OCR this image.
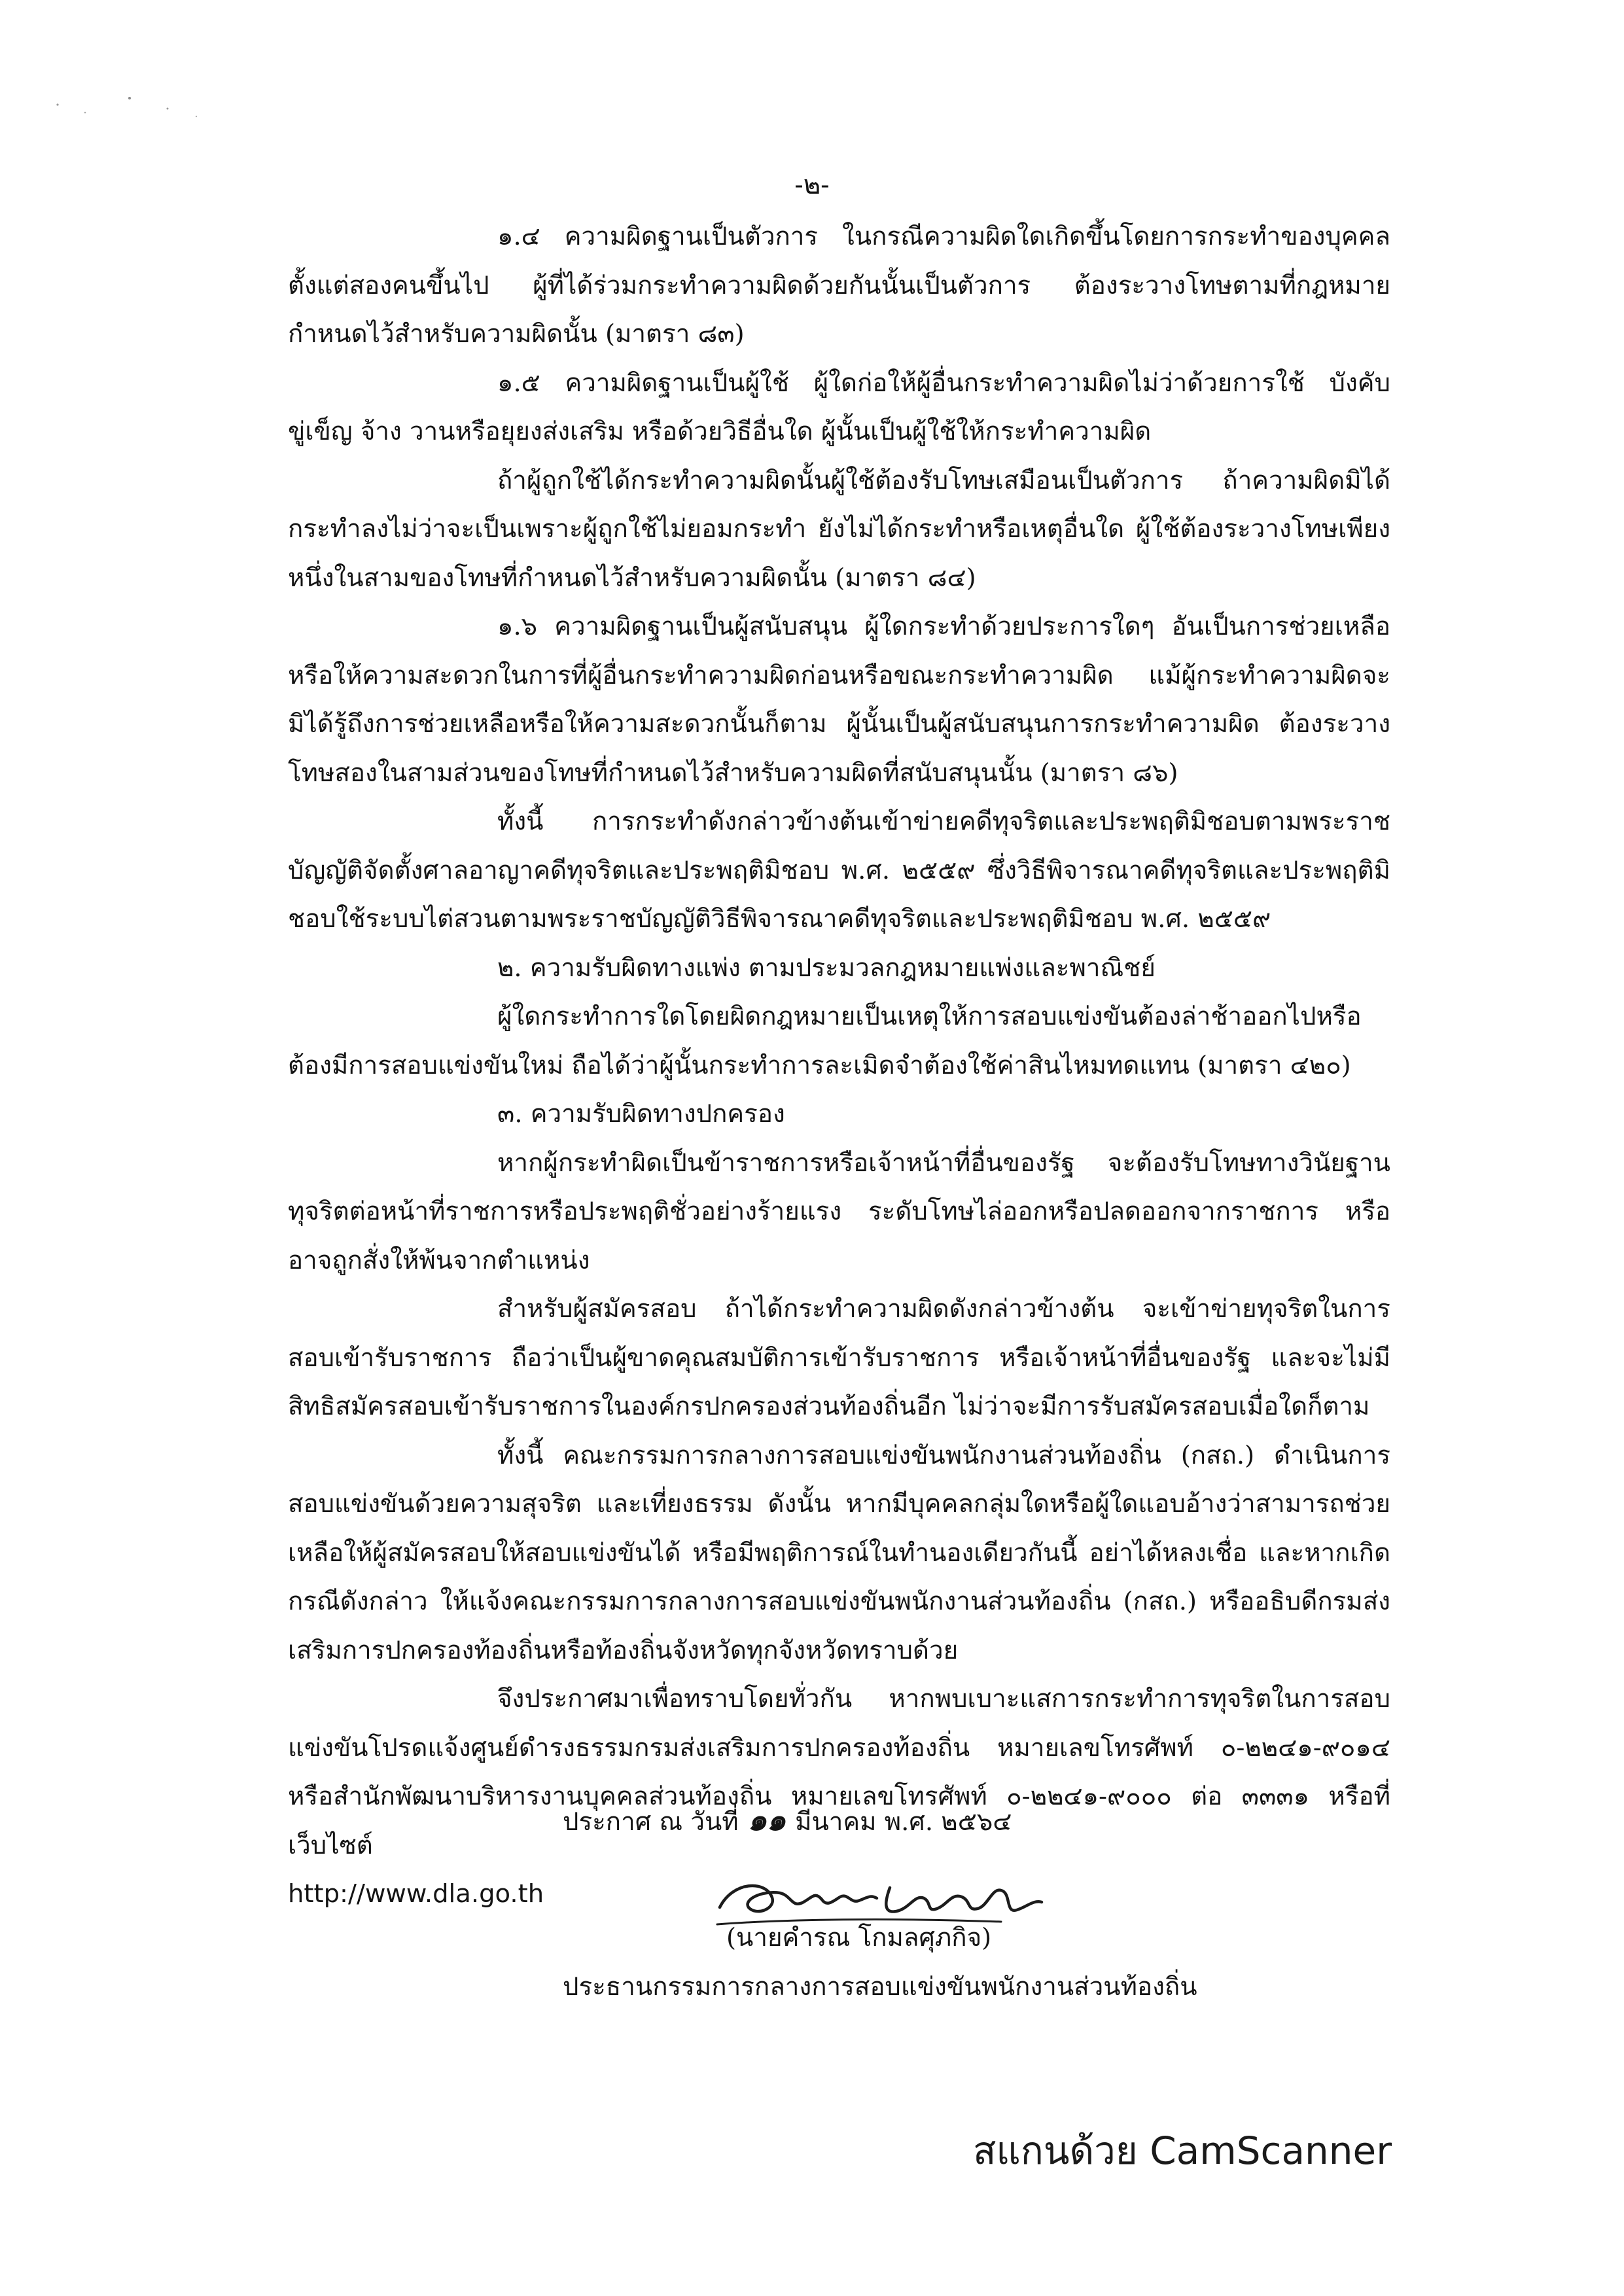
-๒-

๑.๔ ความผิดฐานเป็นตัวการ ในกรณีความผิดใดเกิดขึ้นโดยการกระทำของบุคคลตั้งแต่สองคนขึ้นไป ผู้ที่ได้ร่วมกระทำความผิดด้วยกันนั้นเป็นตัวการ ต้องระวางโทษตามที่กฎหมายกำหนดไว้สำหรับความผิดนั้น (มาตรา ๘๓)

๑.๕ ความผิดฐานเป็นผู้ใช้ ผู้ใดก่อให้ผู้อื่นกระทำความผิดไม่ว่าด้วยการใช้ บังคับ ขู่เข็ญ จ้าง วานหรือยุยงส่งเสริม หรือด้วยวิธีอื่นใด ผู้นั้นเป็นผู้ใช้ให้กระทำความผิด

ถ้าผู้ถูกใช้ได้กระทำความผิดนั้นผู้ใช้ต้องรับโทษเสมือนเป็นตัวการ ถ้าความผิดมิได้กระทำลงไม่ว่าจะเป็นเพราะผู้ถูกใช้ไม่ยอมกระทำ ยังไม่ได้กระทำหรือเหตุอื่นใด ผู้ใช้ต้องระวางโทษเพียงหนึ่งในสามของโทษที่กำหนดไว้สำหรับความผิดนั้น (มาตรา ๘๔)

๑.๖ ความผิดฐานเป็นผู้สนับสนุน ผู้ใดกระทำด้วยประการใดๆ อันเป็นการช่วยเหลือหรือให้ความสะดวกในการที่ผู้อื่นกระทำความผิดก่อนหรือขณะกระทำความผิด แม้ผู้กระทำความผิดจะมิได้รู้ถึงการช่วยเหลือหรือให้ความสะดวกนั้นก็ตาม ผู้นั้นเป็นผู้สนับสนุนการกระทำความผิด ต้องระวางโทษสองในสามส่วนของโทษที่กำหนดไว้สำหรับความผิดที่สนับสนุนนั้น (มาตรา ๘๖)

ทั้งนี้ การกระทำดังกล่าวข้างต้นเข้าข่ายคดีทุจริตและประพฤติมิชอบตามพระราชบัญญัติจัดตั้งศาลอาญาคดีทุจริตและประพฤติมิชอบ พ.ศ. ๒๕๕๙ ซึ่งวิธีพิจารณาคดีทุจริตและประพฤติมิชอบใช้ระบบไต่สวนตามพระราชบัญญัติวิธีพิจารณาคดีทุจริตและประพฤติมิชอบ พ.ศ. ๒๕๕๙

๒. ความรับผิดทางแพ่ง ตามประมวลกฎหมายแพ่งและพาณิชย์

ผู้ใดกระทำการใดโดยผิดกฎหมายเป็นเหตุให้การสอบแข่งขันต้องล่าช้าออกไปหรือต้องมีการสอบแข่งขันใหม่ ถือได้ว่าผู้นั้นกระทำการละเมิดจำต้องใช้ค่าสินไหมทดแทน (มาตรา ๔๒๐)

๓. ความรับผิดทางปกครอง

หากผู้กระทำผิดเป็นข้าราชการหรือเจ้าหน้าที่อื่นของรัฐ จะต้องรับโทษทางวินัยฐานทุจริตต่อหน้าที่ราชการหรือประพฤติชั่วอย่างร้ายแรง ระดับโทษไล่ออกหรือปลดออกจากราชการ หรืออาจถูกสั่งให้พ้นจากตำแหน่ง

สำหรับผู้สมัครสอบ ถ้าได้กระทำความผิดดังกล่าวข้างต้น จะเข้าข่ายทุจริตในการสอบเข้ารับราชการ ถือว่าเป็นผู้ขาดคุณสมบัติการเข้ารับราชการ หรือเจ้าหน้าที่อื่นของรัฐ และจะไม่มีสิทธิสมัครสอบเข้ารับราชการในองค์กรปกครองส่วนท้องถิ่นอีก ไม่ว่าจะมีการรับสมัครสอบเมื่อใดก็ตาม

ทั้งนี้ คณะกรรมการกลางการสอบแข่งขันพนักงานส่วนท้องถิ่น (กสถ.) ดำเนินการสอบแข่งขันด้วยความสุจริต และเที่ยงธรรม ดังนั้น หากมีบุคคลกลุ่มใดหรือผู้ใดแอบอ้างว่าสามารถช่วยเหลือให้ผู้สมัครสอบให้สอบแข่งขันได้ หรือมีพฤติการณ์ในทำนองเดียวกันนี้ อย่าได้หลงเชื่อ และหากเกิดกรณีดังกล่าว ให้แจ้งคณะกรรมการกลางการสอบแข่งขันพนักงานส่วนท้องถิ่น (กสถ.) หรืออธิบดีกรมส่งเสริมการปกครองท้องถิ่นหรือท้องถิ่นจังหวัดทุกจังหวัดทราบด้วย

จึงประกาศมาเพื่อทราบโดยทั่วกัน หากพบเบาะแสการกระทำการทุจริตในการสอบแข่งขันโปรดแจ้งศูนย์ดำรงธรรมกรมส่งเสริมการปกครองท้องถิ่น หมายเลขโทรศัพท์ ๐-๒๒๔๑-๙๐๑๔ หรือสำนักพัฒนาบริหารงานบุคคลส่วนท้องถิ่น หมายเลขโทรศัพท์ ๐-๒๒๔๑-๙๐๐๐ ต่อ ๓๓๓๑ หรือที่เว็บไซต์

http://www.dla.go.th

ประกาศ ณ วันที่ ๑๑ มีนาคม พ.ศ. ๒๕๖๔
(นายคำรณ โกมลศุภกิจ)
ประธานกรรมการกลางการสอบแข่งขันพนักงานส่วนท้องถิ่น
สแกนด้วย CamScanner
